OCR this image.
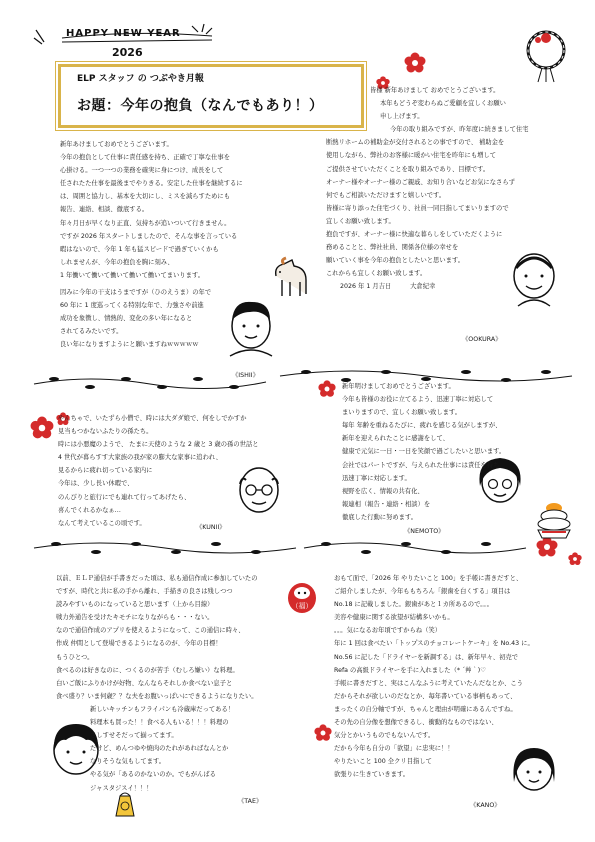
HAPPY NEW YEAR
2026
ELP スタッフ の つぶやき月報
お題：今年の抱負（なんでもあり！）
（福）
皆様 新年あけまして おめでとうございます。
本年もどうぞ変わらぬご愛顧を宜しくお願い
申し上げます。
今年の取り組みですが、昨年度に続きまして住宅
断熱リホームの補助金が交付されるとの事ですので、 補助金を
使用しながら、弊社のお客様に暖かい住宅を昨年にも増して
ご提供させていただくことを取り組みであり、目標です。
オーナー様やオーナー様のご親戚、お知り合いなどお気になさらず
何でもご相談いただけますと嬉しいです。
皆様に寄り添った住宅づくり、社員一同目指してまいりますので
宜しくお願い致します。
抱負ですが、オーナー様に快適な暮らしをしていただくように
務めることと、弊社社員、関係各位様の幸せを
願いていく事を今年の抱負としたいと思います。
これからも宜しくお願い致します。
2026 年 1 月吉日　　　大倉紀幸
《OOKURA》
新年あけましておめでとうございます。
今年の抱負として仕事に責任感を持ち、正確で丁寧な仕事を
心掛ける。一つ一つの業務を確実に身につけ、成長をして
任されたた仕事を最後までやりきる。安定した仕事を継続するに
は、周囲と協力し、基本を大切にし、ミスを減らすためにも
報告、連絡、相談、徹底する。
年々月日が早くなり正直、気持ちが追いついて行きません。
ですが 2026 年スタートしましたので、そんな事を言っている
暇はないので、今年 1 年も猛スピードで過ぎていくかも
しれませんが、今年の抱負を胸に刻み、
1 年働いて働いて働いて働いて働いてまいります。
因みに今年の干支はうまですが（ひのえうま）の年で
60 年に 1 度巡ってくる特別な年で、力強さや前進
成功を象徴し、情熱的、変化の多い年になると
されてるみたいです。
良い年になりますようにと願いますねｗｗｗｗｗ
《ISHII》
新年明けましておめでとうございます。
今年も皆様のお役に立てるよう、迅速丁寧に対応して
まいりますので、宜しくお願い致します。
毎年 年齢を重ねるたびに、疲れを感じる気がしますが、
新年を迎えられたことに感謝をして、
健康で元気に一日・一日を笑顔で過ごしたいと思います。
会社ではパートですが、与えられた仕事には責任を持ち、
迅速丁寧に対応します。
視野を広く、情報の共有化、
報連相（報告・連絡・相談）を
徹底した行動に努めます。
《NEMOTO》
やんちゃで、いたずら小僧で、時には大ダダ娘で、何をしでかすか
見当もつかないふたりの孫たち。
時には小悪魔のようで、 たまに天使のような 2 歳と 3 歳の孫の世話と
4 世代が暮らすす大家族の我が家の膨大な家事に追われ、
見るからに疲れ切っている家内に
今年は、少し長い休暇で、
のんびりと旅行にでも連れて行ってあげたら、
喜んでくれるかなぁ…
なんて考えているこの頃です。
《KUNII》
以前、ＥＬＰ通信が手書きだった頃は、私も通信作成に参加していたの
ですが、時代と共に私の手から離れ、手描きの良さは残しつつ
読みやすいものになっていると思います（上から目線）
戦力外通告を受けたキモチになりながらも・・・ない。
なので通信作成のアプリを使えるようになって、この通信に時々、
作成 仲間として登場できるようになるのが、今年の目標！
もうひとつ。
食べるのは好きなのに、つくるのが苦手（むしろ嫌い）な料理。
白いご飯にふりかけが好物、なんならそれしか食べない息子と
食べ盛り？いま何歳？？な夫をお腹いっぱいにできるようになりたい。
新しいキッチンもフライパンも冷蔵庫だってある！
料理本も買った！！食べる人もいる！！！料理の
さしすせそだって揃ってます。
だけど、めんつゆや焼肉のたれがあればなんとか
なりそうな気もしてます。
やる気が「あるのかないのか。でもがんばる
ジャスタジスイ！！！
《TAE》
おもて面で、「2026 年 やりたいこと 100」を手帳に書きだすと、
ご紹介しましたが、今年ももちろん「銀歯を白くする」項目は
No.18 に記載しました。銀歯があと１カ所あるので。。。
美容や健康に関する欲望が結構多いかも。
。。。気になるお年頃ですからね（笑）
年に 1 回は食べたい「トップスのチョコレートケーキ」を No.43 に。
No.56 に記した「ドライヤーを新調する」は、新年早々、初売で
Refa の高級ドライヤーを手に入れました（* ´艸｀)♡
手帳に書きだすと、実はこんなふうに考えていたんだなとか、こう
だからそれが欲しいのだなとか、毎年書いている事柄もあって、
まったくの自分軸ですが、ちゃんと理由が明確にあるんですね。
その先の自分像を想像できるし、衝動的なものではない、
気分とかいうものでもないんです。
だから今年も自分の「欲望」に忠実に！！
やりたいこと 100 全クリ目指して
欲張りに生きていきます。
《KANO》
